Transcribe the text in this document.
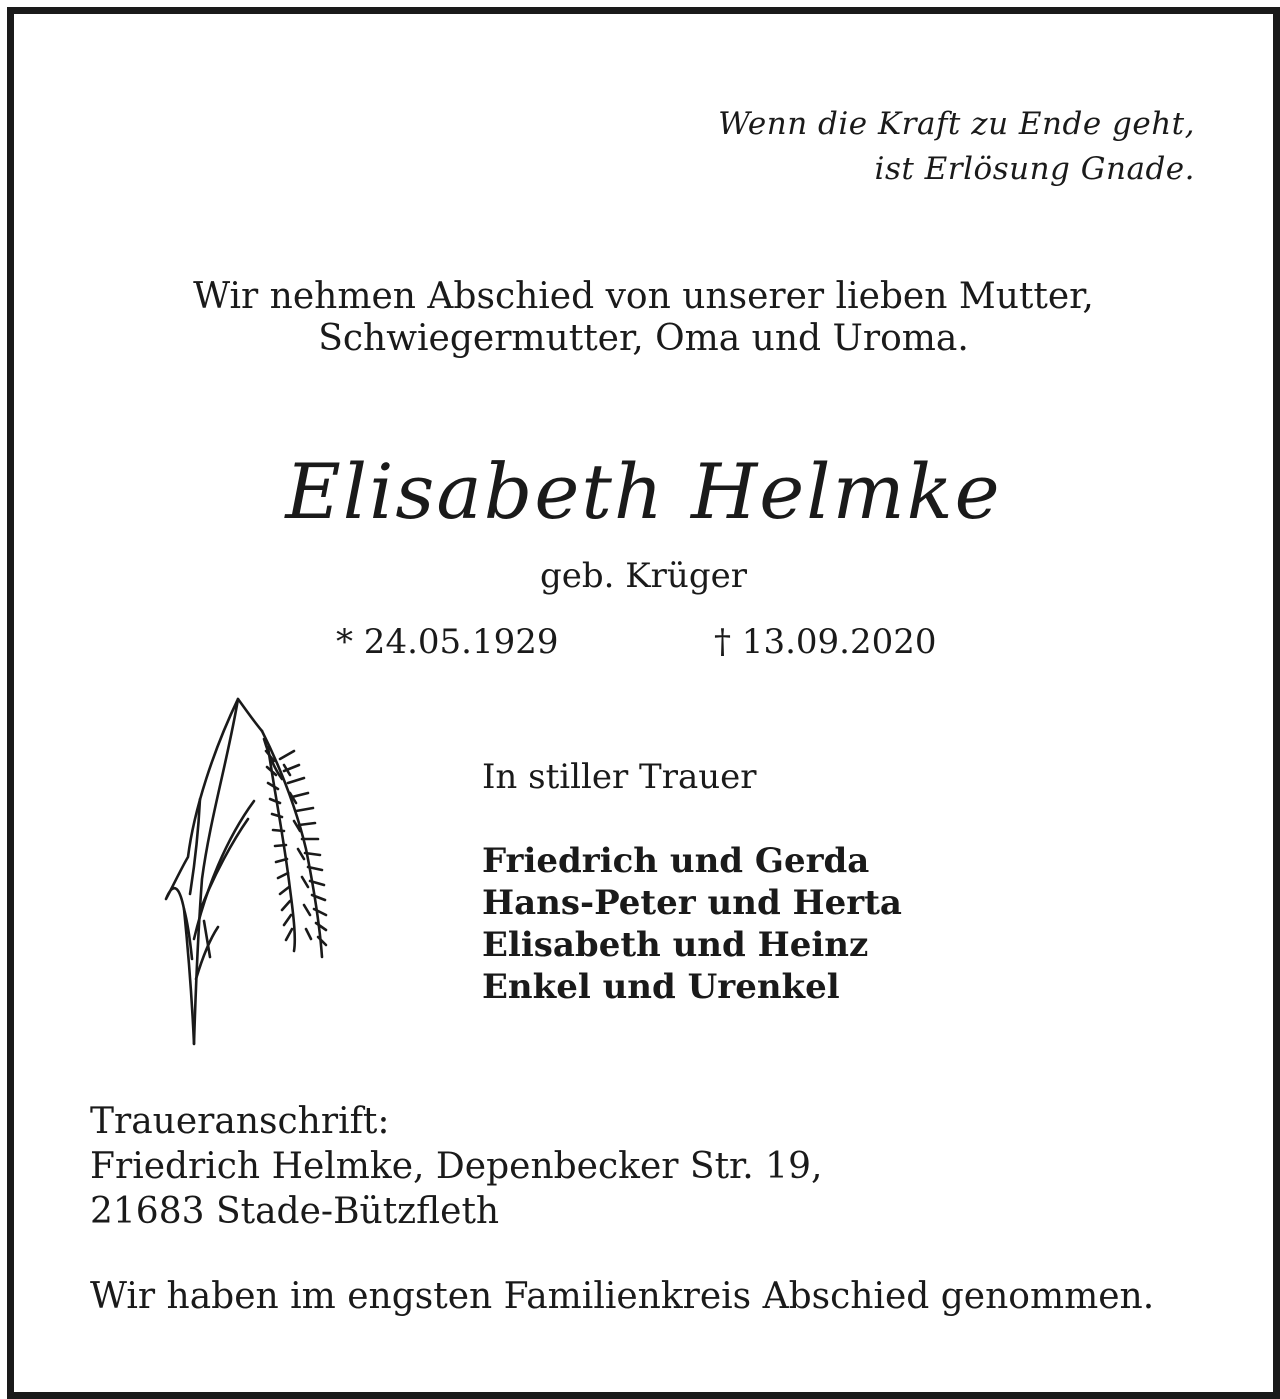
Wenn die Kraft zu Ende geht,
ist Erlösung Gnade.
Wir nehmen Abschied von unserer lieben Mutter,
Schwiegermutter, Oma und Uroma.
Elisabeth Helmke
geb. Krüger
* 24.05.1929	† 13.09.2020
In stiller Trauer
Friedrich und Gerda
Hans-Peter und Herta
Elisabeth und Heinz
Enkel und Urenkel
Traueranschrift:
Friedrich Helmke, Depenbecker Str. 19,
21683 Stade-Bützfleth
Wir haben im engsten Familienkreis Abschied genommen.
